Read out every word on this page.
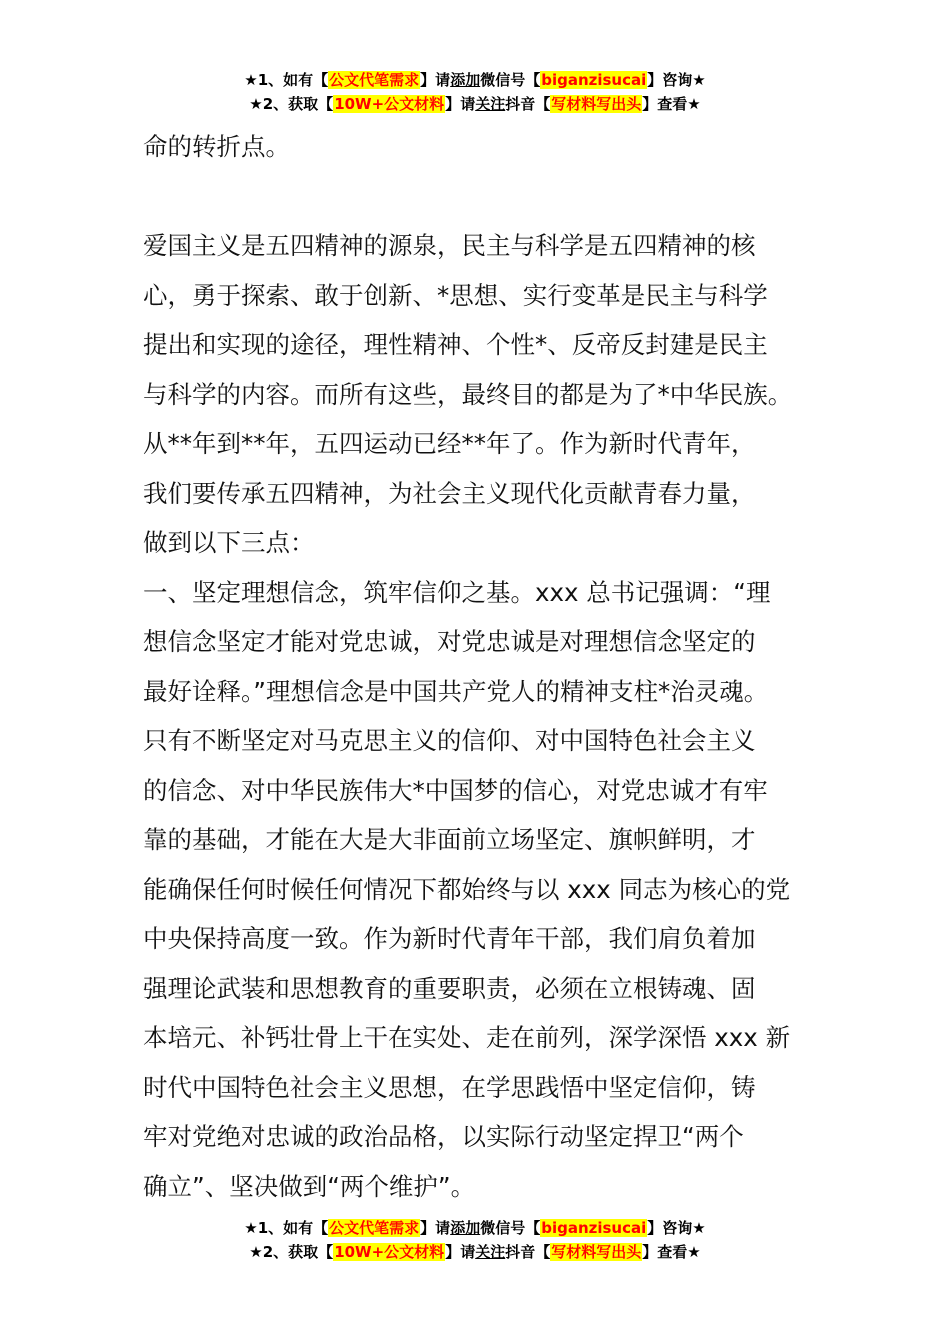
★1、如有【公文代笔需求】请添加微信号【biganzisucai】咨询★
★2、获取【10W+公文材料】请关注抖音【写材料写出头】查看★

命的转折点。

爱国主义是五四精神的源泉，民主与科学是五四精神的核

心，勇于探索、敢于创新、*思想、实行变革是民主与科学

提出和实现的途径，理性精神、个性*、反帝反封建是民主

与科学的内容。而所有这些，最终目的都是为了*中华民族。

从**年到**年，五四运动已经**年了。作为新时代青年，

我们要传承五四精神，为社会主义现代化贡献青春力量，

做到以下三点：

一、坚定理想信念，筑牢信仰之基。xxx 总书记强调：“理

想信念坚定才能对党忠诚，对党忠诚是对理想信念坚定的

最好诠释。”理想信念是中国共产党人的精神支柱*治灵魂。

只有不断坚定对马克思主义的信仰、对中国特色社会主义

的信念、对中华民族伟大*中国梦的信心，对党忠诚才有牢

靠的基础，才能在大是大非面前立场坚定、旗帜鲜明，才

能确保任何时候任何情况下都始终与以 xxx 同志为核心的党

中央保持高度一致。作为新时代青年干部，我们肩负着加

强理论武装和思想教育的重要职责，必须在立根铸魂、固

本培元、补钙壮骨上干在实处、走在前列，深学深悟 xxx 新

时代中国特色社会主义思想，在学思践悟中坚定信仰，铸

牢对党绝对忠诚的政治品格，以实际行动坚定捍卫“两个

确立”、坚决做到“两个维护”。

★1、如有【公文代笔需求】请添加微信号【biganzisucai】咨询★
★2、获取【10W+公文材料】请关注抖音【写材料写出头】查看★
